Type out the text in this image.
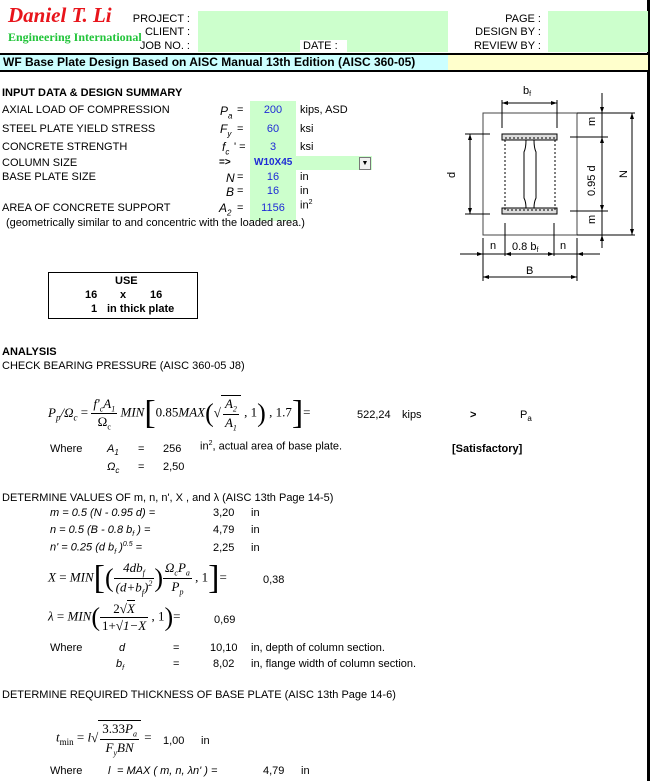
Daniel T. Li
Engineering International
PROJECT :
CLIENT :
JOB NO. :	DATE :
PAGE :
DESIGN BY :
REVIEW BY :
WF Base Plate Design Based on AISC Manual 13th Edition (AISC 360-05)
INPUT DATA & DESIGN SUMMARY
AXIAL LOAD OF COMPRESSION	$P_a$ =	200	kips, ASD
STEEL PLATE YIELD STRESS	$F_y$ =	60	ksi
CONCRETE STRENGTH	$f_c$ ' =	3	ksi
COLUMN SIZE	=> W10X45	▼
BASE PLATE SIZE	N =	16	in
B =	16	in
AREA OF CONCRETE SUPPORT	$A_2$ =	1156	$in^2$
(geometrically similar to and concentric with the loaded area.)
bf
d
m
m
0.95 d N
n 0.8 bf n
B
USE
16 x 16
1 in thick plate
ANALYSIS
CHECK BEARING PRESSURE (AISC 360-05 J8)
$P_p/\Omega_c = \frac{f'_cA_1}{\Omega_c} MIN[0.85MAX(√ \frac{A_2}{A_1}$ , 1) , 1.7]=	522,24 kips	>	$P_a$
Where $A_1 = 256$ $in^2$, actual area of base plate.	[Satisfactory]
$\Omega_c = 2,50$
DETERMINE VALUES OF m, n, n', X , and λ (AISC 13th Page 14-5)
m = 0.5 (N - 0.95 d) =	3,20 in
n = 0.5 (B - 0.8 $b_f$ ) =	4,79 in
n' = 0.25 (d $b_f$ )$^{0.5}$ =	2,25 in
$X = MIN[( \frac{4db_f}{(d+b_f)^2}$ ) $\frac{\Omega_cP_a}{P_p}$ , 1]=	0,38
$\lambda = MIN( \frac{2√X}{1+√1-X}$ , 1)=	0,69
Where	d	=	10,10 in, depth of column section.
$b_f$	=	8,02 in, flange width of column section.
DETERMINE REQUIRED THICKNESS OF BASE PLATE (AISC 13th Page 14-6)
$t_{min} = l√ \frac{3.33P_a}{F_yBN} = 1,00$ in
Where l = MAX ( m, n, λn' ) =	4,79 in
